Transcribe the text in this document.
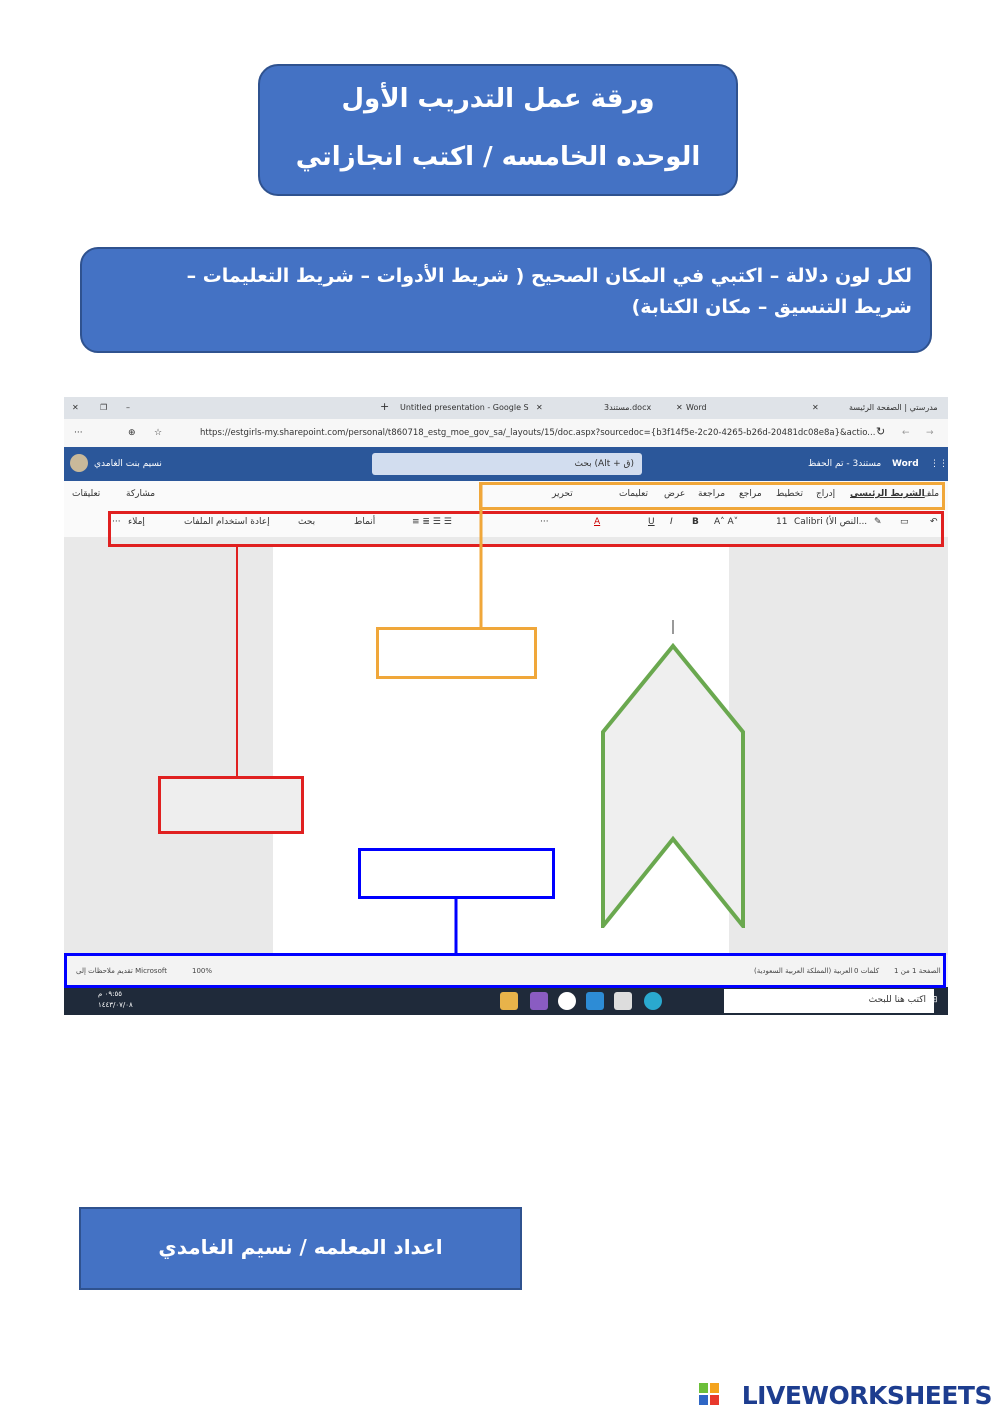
ورقة عمل التدريب الأول
الوحده الخامسه / اكتب انجازاتي
لكل لون دلالة – اكتبي في المكان الصحيح ( شريط الأدوات – شريط التعليمات – شريط التنسيق – مكان الكتابة)
✕	❐ –	+ Untitled presentation - Google S ✕	مستند3.docx	✕ Word	✕	مدرستي | الصفحة الرئيسة
···	⊕ ☆	https://estgirls-my.sharepoint.com/personal/t860718_estg_moe_gov_sa/_layouts/15/doc.aspx?sourcedoc={b3f14f5e-2c20-4265-b26d-20481dc08e8a}&actio... ↻ ← →
نسيم بنت الغامدي	بحث (Alt + ق)	مستند3 - تم الحفظ Word ⋮⋮
تعليقات	مشاركة	تحرير	تعليمات عرض مراجعة مراجع تخطيط إدراج الشريط الرئيسي
ملف
··· إملاء	إعادة استخدام الملفات	بحث	أنماط	≡ ≣ ☰ ☰	···	A	U I B A˄ A˅	11 Calibri (النص الأ... ✎ ▭ ↶
تقديم ملاحظات إلى Microsoft	100%	العربية (المملكة العربية السعودية) 0 كلمات الصفحة 1 من 1
٠٩:٥٥ م
١٤٤٣/٠٧/٠٨	اكتب هنا للبحث ⊞
اعداد المعلمه / نسيم الغامدي
LIVEWORKSHEETS
